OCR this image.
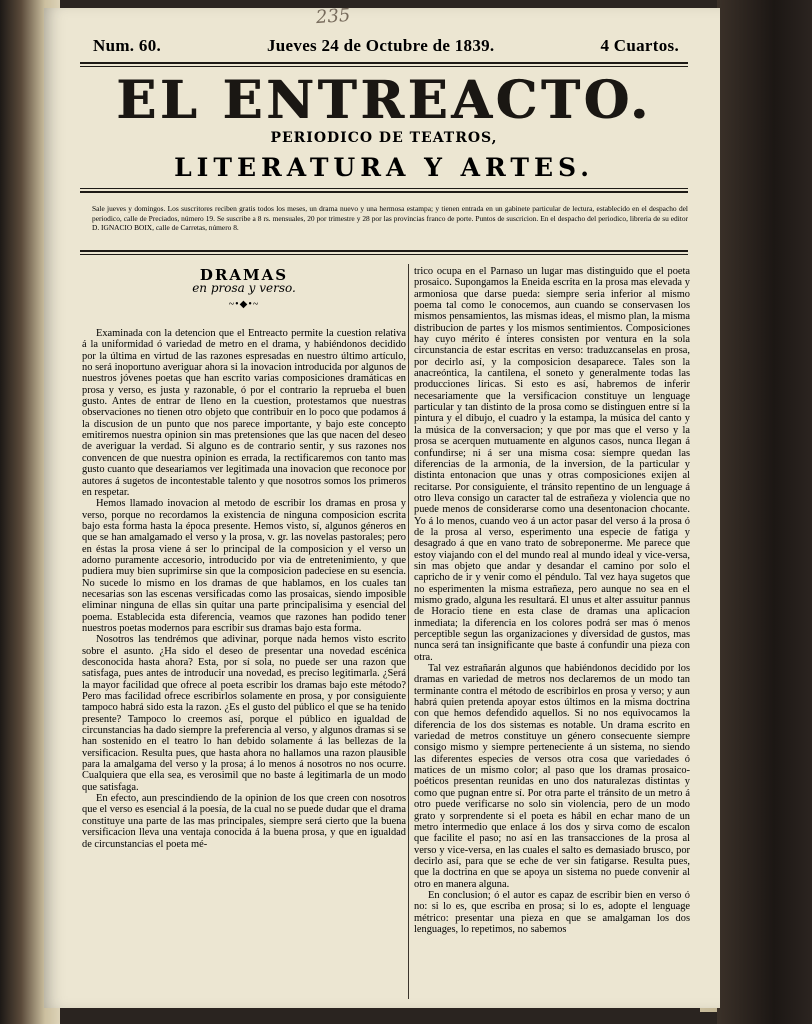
235
Num. 60.	Jueves 24 de Octubre de 1839.	4 Cuartos.
EL ENTREACTO.
PERIODICO DE TEATROS,
LITERATURA Y ARTES.
Sale jueves y domingos. Los suscritores reciben gratis todos los meses, un drama nuevo y una hermosa estampa; y tienen entrada en un gabinete particular de lectura, establecido en el despacho del periodico, calle de Preciados, número 19. Se suscribe a 8 rs. mensuales, 20 por trimestre y 28 por las provincias franco de porte. Puntos de suscricion. En el despacho del periodico, libreria de su editor D. IGNACIO BOIX, calle de Carretas, número 8.
DRAMAS
en prosa y verso.
~•◆•~

Examinada con la detencion que el Entreacto permite la cuestion relativa á la uniformidad ó variedad de metro en el drama, y habiéndonos decidido por la última en virtud de las razones espresadas en nuestro último artículo, no será inoportuno averiguar ahora si la inovacion introducida por algunos de nuestros jóvenes poetas que han escrito varias composiciones dramáticas en prosa y verso, es justa y razonable, ó por el contrario la reprueba el buen gusto. Antes de entrar de lleno en la cuestion, protestamos que nuestras observaciones no tienen otro objeto que contribuir en lo poco que podamos á la discusion de un punto que nos parece importante, y bajo este concepto emitiremos nuestra opinion sin mas pretensiones que las que nacen del deseo de averiguar la verdad. Si alguno es de contrario sentir, y sus razones nos convencen de que nuestra opinion es errada, la rectificaremos con tanto mas gusto cuanto que deseariamos ver legitimada una inovacion que reconoce por autores á sugetos de incontestable talento y que nosotros somos los primeros en respetar.

Hemos llamado inovacion al metodo de escribir los dramas en prosa y verso, porque no recordamos la existencia de ninguna composicion escrita bajo esta forma hasta la época presente. Hemos visto, sí, algunos géneros en que se han amalgamado el verso y la prosa, v. gr. las novelas pastorales; pero en éstas la prosa viene á ser lo principal de la composicion y el verso un adorno puramente accesorio, introducido por via de entretenimiento, y que pudiera muy bien suprimirse sin que la composicion padeciese en su esencia. No sucede lo mismo en los dramas de que hablamos, en los cuales tan necesarias son las escenas versificadas como las prosaicas, siendo imposible eliminar ninguna de ellas sin quitar una parte principalisima y esencial del poema. Establecida esta diferencia, veamos que razones han podido tener nuestros poetas modernos para escribir sus dramas bajo esta forma.

Nosotros las tendrémos que adivinar, porque nada hemos visto escrito sobre el asunto. ¿Ha sido el deseo de presentar una novedad escénica desconocida hasta ahora? Esta, por sí sola, no puede ser una razon que satisfaga, pues antes de introducir una novedad, es preciso legitimarla. ¿Será la mayor facilidad que ofrece al poeta escribir los dramas bajo este método? Pero mas facilidad ofrece escribirlos solamente en prosa, y por consiguiente tampoco habrá sido esta la razon. ¿Es el gusto del público el que se ha tenido presente? Tampoco lo creemos así, porque el público en igualdad de circunstancias ha dado siempre la preferencia al verso, y algunos dramas si se han sostenido en el teatro lo han debido solamente á las bellezas de la versificacion. Resulta pues, que hasta ahora no hallamos una razon plausible para la amalgama del verso y la prosa; á lo menos á nosotros no nos ocurre. Cualquiera que ella sea, es verosimil que no baste á legitimarla de un modo que satisfaga.

En efecto, aun prescindiendo de la opinion de los que creen con nosotros que el verso es esencial á la poesía, de la cual no se puede dudar que el drama constituye una parte de las mas principales, siempre será cierto que la buena versificacion lleva una ventaja conocida á la buena prosa, y que en igualdad de circunstancias el poeta mé-

trico ocupa en el Parnaso un lugar mas distinguido que el poeta prosaico. Supongamos la Eneida escrita en la prosa mas elevada y armoniosa que darse pueda: siempre seria inferior al mismo poema tal como le conocemos, aun cuando se conservasen los mismos pensamientos, las mismas ideas, el mismo plan, la misma distribucion de partes y los mismos sentimientos. Composiciones hay cuyo mérito é interes consisten por ventura en la sola circunstancia de estar escritas en verso: traduzcanselas en prosa, por decirlo así, y la composicion desaparece. Tales son la anacreóntica, la cantilena, el soneto y generalmente todas las producciones líricas. Si esto es así, habremos de inferir necesariamente que la versificacion constituye un lenguage particular y tan distinto de la prosa como se distinguen entre sí la pintura y el dibujo, el cuadro y la estampa, la música del canto y la música de la conversacion; y que por mas que el verso y la prosa se acerquen mutuamente en algunos casos, nunca llegan á confundirse; ni á ser una misma cosa: siempre quedan las diferencias de la armonia, de la inversion, de la particular y distinta entonacion que unas y otras composiciones exijen al recitarse. Por consiguiente, el tránsito repentino de un lenguage á otro lleva consigo un caracter tal de estrañeza y violencia que no puede menos de considerarse como una desentonacion chocante. Yo á lo menos, cuando veo á un actor pasar del verso á la prosa ó de la prosa al verso, esperimento una especie de fatiga y desagrado á que en vano trato de sobreponerme. Me parece que estoy viajando con el del mundo real al mundo ideal y vice-versa, sin mas objeto que andar y desandar el camino por solo el capricho de ir y venir como el péndulo. Tal vez haya sugetos que no esperimenten la misma estrañeza, pero aunque no sea en el mismo grado, alguna les resultará. El unus et alter assuitur pannus de Horacio tiene en esta clase de dramas una aplicacion inmediata; la diferencia en los colores podrá ser mas ó menos perceptible segun las organizaciones y diversidad de gustos, mas nunca será tan insignificante que baste á confundir una pieza con otra.

Tal vez estrañarán algunos que habiéndonos decidido por los dramas en variedad de metros nos declaremos de un modo tan terminante contra el método de escribirlos en prosa y verso; y aun habrá quien pretenda apoyar estos últimos en la misma doctrina con que hemos defendido aquellos. Si no nos equivocamos la diferencia de los dos sistemas es notable. Un drama escrito en variedad de metros constituye un género consecuente siempre consigo mismo y siempre perteneciente á un sistema, no siendo las diferentes especies de versos otra cosa que variedades ó matices de un mismo color; al paso que los dramas prosaico-poéticos presentan reunidas en uno dos naturalezas distintas y como que pugnan entre sí. Por otra parte el tránsito de un metro á otro puede verificarse no solo sin violencia, pero de un modo grato y sorprendente si el poeta es hábil en echar mano de un metro intermedio que enlace á los dos y sirva como de escalon que facilite el paso; no así en las transacciones de la prosa al verso y vice-versa, en las cuales el salto es demasiado brusco, por decirlo así, para que se eche de ver sin fatigarse. Resulta pues, que la doctrina en que se apoya un sistema no puede convenir al otro en manera alguna.

En conclusion; ó el autor es capaz de escribir bien en verso ó no: si lo es, que escriba en prosa; si lo es, adopte el lenguage métrico: presentar una pieza en que se amalgaman los dos lenguages, lo repetimos, no sabemos
